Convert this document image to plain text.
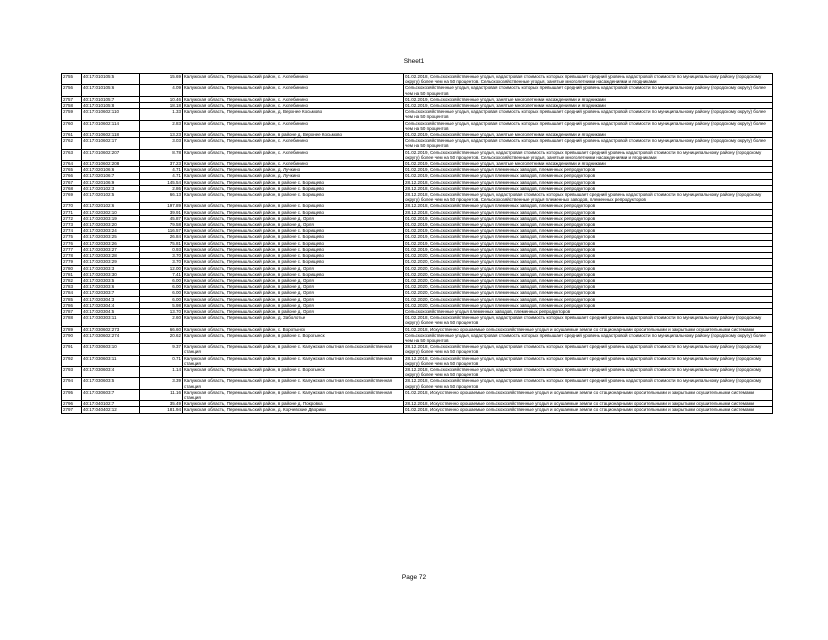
Sheet1
2755	40:17:010105:5	15.69	Калужская область, Перемышльский район, с. Ахлебинино	01.02.2018, Сельскохозяйственные угодья, кадастровая стоимость которых превышает средний уровень кадастровой стоимости по муниципальному району (городскому округу) более чем на 50 процентов. Сельскохозяйственные угодья, занятые многолетними насаждениями и ягодниками
2756	40:17:010105:6	4.09	Калужская область, Перемышльский район, с. Ахлебинино	Сельскохозяйственные угодья, кадастровая стоимость которых превышает средний уровень кадастровой стоимости по муниципальному району (городскому округу) более чем на 50 процентов
2757	40:17:010105:7	10.46	Калужская область, Перемышльский район, с. Ахлебинино	01.02.2019, Сельскохозяйственные угодья, занятые многолетними насаждениями и ягодниками
2758	40:17:010105:8	18.18	Калужская область, Перемышльский район, с. Ахлебинино	01.02.2019, Сельскохозяйственные угодья, занятые многолетними насаждениями и ягодниками
2759	40:17:010602:110	1.33	Калужская область, Перемышльский район, д. Верхнее Косьмово	Сельскохозяйственные угодья, кадастровая стоимость которых превышает средний уровень кадастровой стоимости по муниципальному району (городскому округу) более чем на 50 процентов
2760	40:17:010602:114	2.83	Калужская область, Перемышльский район, с. Ахлебинино	Сельскохозяйственные угодья, кадастровая стоимость которых превышает средний уровень кадастровой стоимости по муниципальному району (городскому округу) более чем на 50 процентов
2761	40:17:010602:118	13.23	Калужская область, Перемышльский район, в районе д. Верхнее Косьмово	01.02.2019, Сельскохозяйственные угодья, занятые многолетними насаждениями и ягодниками
2762	40:17:010602:17	3.03	Калужская область, Перемышльский район, с. Ахлебинино	Сельскохозяйственные угодья, кадастровая стоимость которых превышает средний уровень кадастровой стоимости по муниципальному району (городскому округу) более чем на 50 процентов
2763	40:17:010602:207	8.78	Калужская область, Перемышльский район, с. Ахлебинино	01.02.2019, Сельскохозяйственные угодья, кадастровая стоимость которых превышает средний уровень кадастровой стоимости по муниципальному району (городскому округу) более чем на 50 процентов. Сельскохозяйственные угодья, занятые многолетними насаждениями и ягодниками
2764	40:17:010602:208	37.23	Калужская область, Перемышльский район, с. Ахлебинино	01.02.2019, Сельскохозяйственные угодья, занятые многолетними насаждениями и ягодниками
2765	40:17:020106:6	4.71	Калужская область, Перемышльский район, д. Лучкино	01.02.2019, Сельскохозяйственные угодья племенных заводов, племенных репродукторов
2766	40:17:020106:7	4.71	Калужская область, Перемышльский район, д. Лучкино	01.02.2019, Сельскохозяйственные угодья племенных заводов, племенных репродукторов
2767	40:17:020106:9	145.54	Калужская область, Перемышльский район, в районе с. Борищево	28.12.2018, Сельскохозяйственные угодья племенных заводов, племенных репродукторов
2768	40:17:020102:3	2.86	Калужская область, Перемышльский район, в районе с. Борищево	28.12.2018, Сельскохозяйственные угодья племенных заводов, племенных репродукторов
2769	40:17:020102:5	66.13	Калужская область, Перемышльский район, в районе с. Борищево	28.12.2018, Сельскохозяйственные угодья, кадастровая стоимость которых превышает средний уровень кадастровой стоимости по муниципальному району (городскому округу) более чем на 50 процентов. Сельскохозяйственные угодья племенных заводов, племенных репродукторов
2770	40:17:020102:6	197.89	Калужская область, Перемышльский район, в районе с. Борищево	28.12.2018, Сельскохозяйственные угодья племенных заводов, племенных репродукторов
2771	40:17:020302:10	39.91	Калужская область, Перемышльский район, в районе с. Борищево	28.12.2018, Сельскохозяйственные угодья племенных заводов, племенных репродукторов
2772	40:17:020303:19	45.87	Калужская область, Перемышльский район, в районе д. Орля	01.02.2019, Сельскохозяйственные угодья племенных заводов, племенных репродукторов
2773	40:17:020303:20	79.58	Калужская область, Перемышльский район, в районе д. Орля	01.02.2019, Сельскохозяйственные угодья племенных заводов, племенных репродукторов
2774	40:17:020303:24	116.57	Калужская область, Перемышльский район, в районе с. Борищево	01.02.2019, Сельскохозяйственные угодья племенных заводов, племенных репродукторов
2775	40:17:020303:25	26.84	Калужская область, Перемышльский район, в районе с. Борищево	01.02.2019, Сельскохозяйственные угодья племенных заводов, племенных репродукторов
2776	40:17:020303:26	75.81	Калужская область, Перемышльский район, в районе с. Борищево	01.02.2019, Сельскохозяйственные угодья племенных заводов, племенных репродукторов
2777	40:17:020303:27	0.93	Калужская область, Перемышльский район, в районе с. Борищево	01.02.2019, Сельскохозяйственные угодья племенных заводов, племенных репродукторов
2778	40:17:020303:28	3.70	Калужская область, Перемышльский район, в районе с. Борищево	01.02.2020, Сельскохозяйственные угодья племенных заводов, племенных репродукторов
2779	40:17:020303:29	3.70	Калужская область, Перемышльский район, в районе с. Борищево	01.02.2020, Сельскохозяйственные угодья племенных заводов, племенных репродукторов
2780	40:17:020303:3	12.00	Калужская область, Перемышльский район, в районе д. Орля	01.02.2020, Сельскохозяйственные угодья племенных заводов, племенных репродукторов
2781	40:17:020303:30	7.41	Калужская область, Перемышльский район, в районе с. Борищево	01.02.2020, Сельскохозяйственные угодья племенных заводов, племенных репродукторов
2782	40:17:020303:5	6.00	Калужская область, Перемышльский район, в районе д. Орля	01.02.2020, Сельскохозяйственные угодья племенных заводов, племенных репродукторов
2783	40:17:020303:6	6.00	Калужская область, Перемышльский район, в районе д. Орля	01.02.2020, Сельскохозяйственные угодья племенных заводов, племенных репродукторов
2784	40:17:020303:7	6.00	Калужская область, Перемышльский район, в районе д. Орля	01.02.2020, Сельскохозяйственные угодья племенных заводов, племенных репродукторов
2785	40:17:020304:3	6.00	Калужская область, Перемышльский район, в районе д. Орля	01.02.2020, Сельскохозяйственные угодья племенных заводов, племенных репродукторов
2786	40:17:020304:4	5.98	Калужская область, Перемышльский район, в районе д. Орля	01.02.2020, Сельскохозяйственные угодья племенных заводов, племенных репродукторов
2787	40:17:020304:5	13.70	Калужская область, Перемышльский район, в районе д. Орля	Сельскохозяйственные угодья племенных заводов, племенных репродукторов
2788	40:17:030303:11	2.60	Калужская область, Перемышльский район, д. Заболотье	01.02.2018, Сельскохозяйственные угодья, кадастровая стоимость которых превышает средний уровень кадастровой стоимости по муниципальному району (городскому округу) более чем на 50 процентов
2789	40:17:030602:273	66.60	Калужская область, Перемышльский район, с. Воротынск	01.02.2018, Искусственно орошаемые сельскохозяйственные угодья и осушаемые земли со стационарными оросительными и закрытыми осушительными системами
2790	40:17:030602:274	20.62	Калужская область, Перемышльский район, в районе с. Ворогынск	Сельскохозяйственные угодья, кадастровая стоимость которых превышает средний уровень кадастровой стоимости по муниципальному району (городскому округу) более чем на 50 процентов
2791	40:17:030603:10	9.37	Калужская область, Перемышльский район, в районе с. Калужская опытная сельскохозяйственная станция	28.12.2018, Сельскохозяйственные угодья, кадастровая стоимость которых превышает средний уровень кадастровой стоимости по муниципальному району (городскому округу) более чем на 50 процентов
2792	40:17:030603:11	0.71	Калужская область, Перемышльский район, в районе с. Калужская опытная сельскохозяйственная станция	28.12.2018, Сельскохозяйственные угодья, кадастровая стоимость которых превышает средний уровень кадастровой стоимости по муниципальному району (городскому округу) более чем на 50 процентов
2793	40:17:030603:4	1.14	Калужская область, Перемышльский район, в районе с. Ворогынск	28.12.2018, Сельскохозяйственные угодья, кадастровая стоимость которых превышает средний уровень кадастровой стоимости по муниципальному району (городскому округу) более чем на 50 процентов
2794	40:17:030603:5	3.39	Калужская область, Перемышльский район, в районе с. Калужская опытная сельскохозяйственная станция	28.12.2018, Сельскохозяйственные угодья, кадастровая стоимость которых превышает средний уровень кадастровой стоимости по муниципальному району (городскому округу) более чем на 50 процентов
2795	40:17:030603:7	11.16	Калужская область, Перемышльский район, в районе с. Калужская опытная сельскохозяйственная станция	01.02.2018, Искусственно орошаемые сельскохозяйственные угодья и осушаемые земли со стационарными оросительными и закрытыми осушительными системами
2796	40:17:040102:7	35.49	Калужская область, Перемышльский район, в районе д. Покровка	28.12.2018, Искусственно орошаемые сельскохозяйственные угодья и осушаемые земли со стационарными оросительными и закрытыми осушительными системами
2797	40:17:040402:12	181.94	Калужская область, Перемышльский район, д. Корчевские Дворики	01.02.2018, Искусственно орошаемые сельскохозяйственные угодья и осушаемые земли со стационарными оросительными и закрытыми осушительными системами
Page 72
